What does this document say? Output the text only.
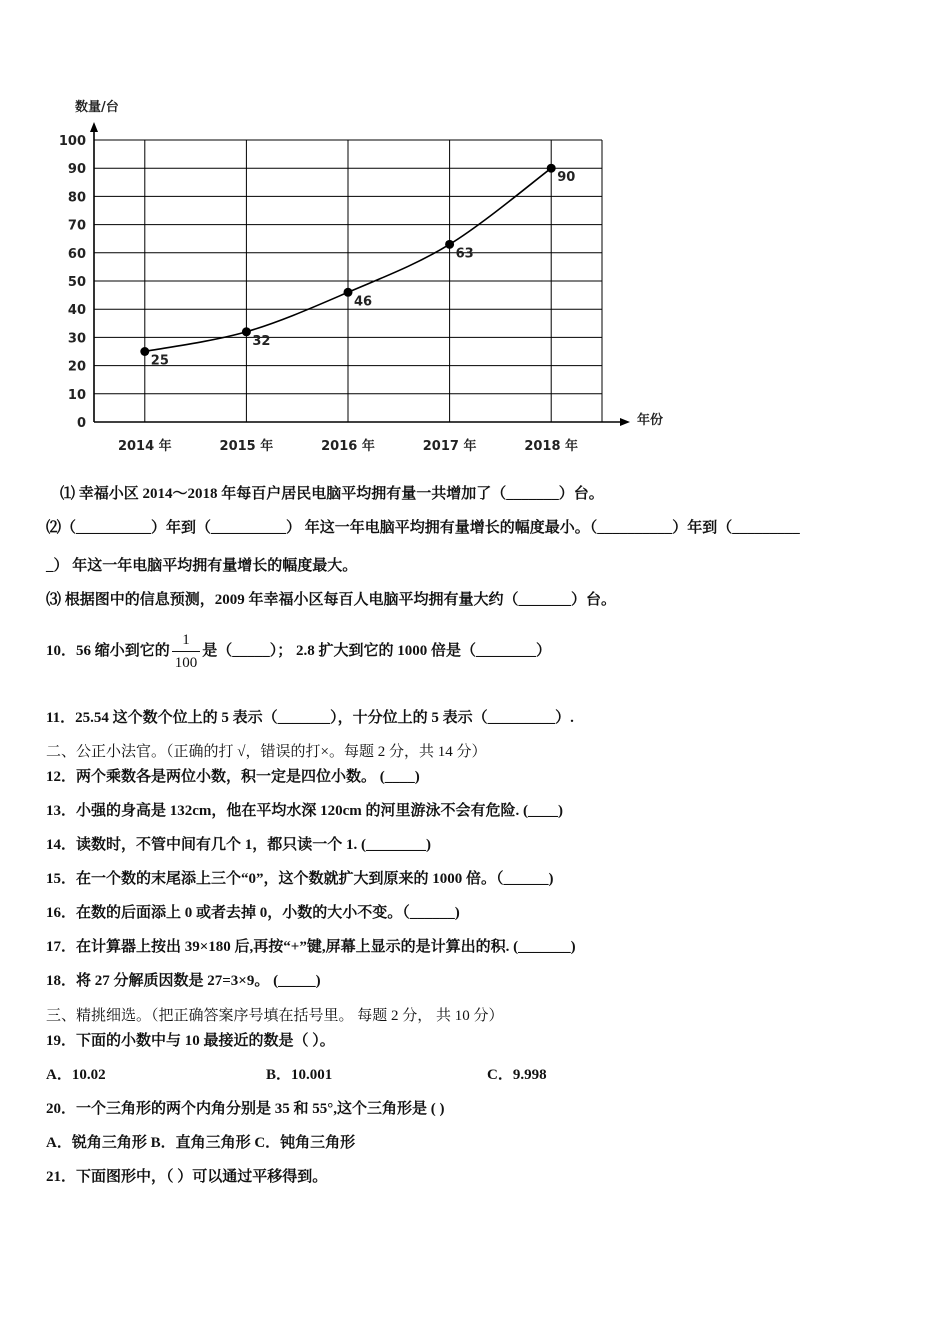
0
10
20
30
40
50
60
70
80
90
100
2014 年	2015 年	2016 年	2017 年	2018 年
25
32
46
63
90
数量/台
年份
⑴ 幸福小区 2014～2018 年每百户居民电脑平均拥有量一共增加了（_______）台。
⑵（__________）年到（__________） 年这一年电脑平均拥有量增长的幅度最小。（__________）年到（_________
_） 年这一年电脑平均拥有量增长的幅度最大。
⑶ 根据图中的信息预测，2009 年幸福小区每百人电脑平均拥有量大约（_______）台。
10．56 缩小到它的 $\frac{1}{100}$ 是（_____）； 2.8 扩大到它的 1000 倍是（________）
11．25.54 这个数个位上的 5 表示（_______），十分位上的 5 表示（_________）.
二、公正小法官。（正确的打 √，错误的打×。每题 2 分，共 14 分）
12．两个乘数各是两位小数，积一定是四位小数。 (____)
13．小强的身高是 132cm，他在平均水深 120cm 的河里游泳不会有危险. (____)
14．读数时，不管中间有几个 1，都只读一个 1. (________)
15．在一个数的末尾添上三个“0”，这个数就扩大到原来的 1000 倍。（______)
16．在数的后面添上 0 或者去掉 0，小数的大小不变。（______)
17．在计算器上按出 39×180 后,再按“+”键,屏幕上显示的是计算出的积. (_______)
18．将 27 分解质因数是 27=3×9。 (_____)
三、精挑细选。（把正确答案序号填在括号里。 每题 2 分， 共 10 分）
19．下面的小数中与 10 最接近的数是（ ）。
A．10.02	B．10.001	C．9.998
20．一个三角形的两个内角分别是 35 和 55°,这个三角形是 ( )
A．锐角三角形 B．直角三角形 C．钝角三角形
21．下面图形中，（ ）可以通过平移得到。
